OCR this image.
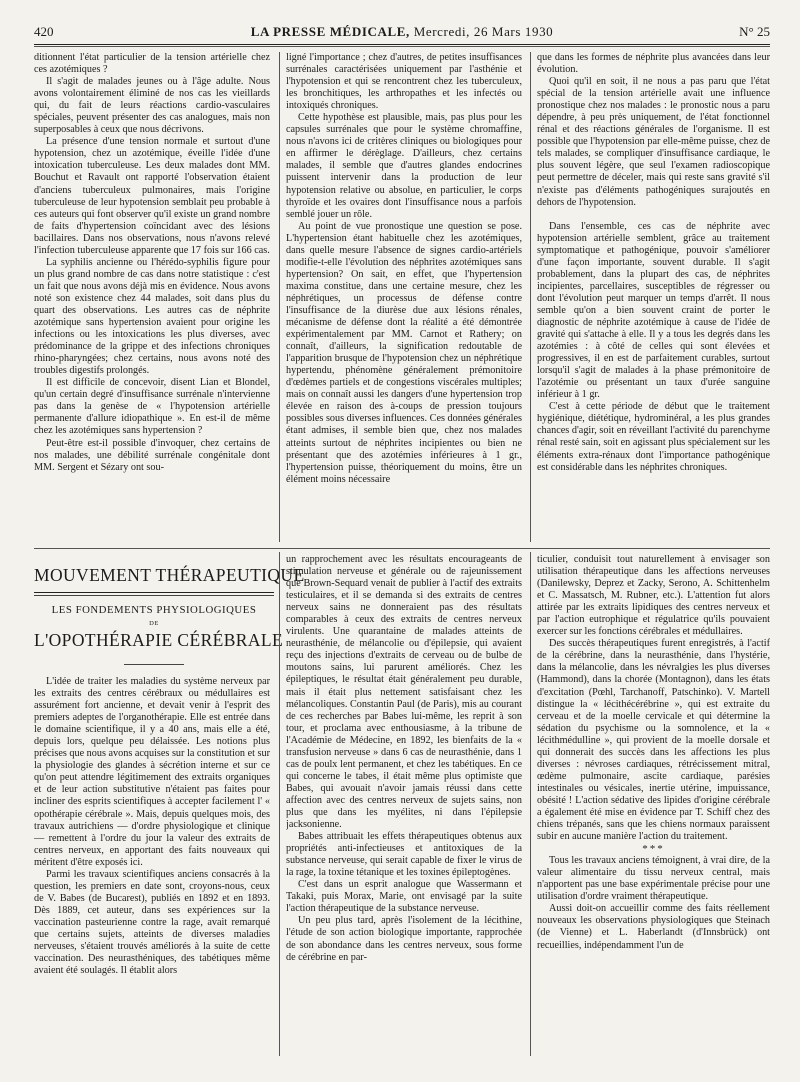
420	LA PRESSE MÉDICALE, Mercredi, 26 Mars 1930	N° 25

ditionnent l'état particulier de la tension artérielle chez ces azotémiques ?

Il s'agit de malades jeunes ou à l'âge adulte. Nous avons volontairement éliminé de nos cas les vieillards qui, du fait de leurs réactions cardio-vasculaires spéciales, peuvent présenter des cas analogues, mais non superposables à ceux que nous décrivons.

La présence d'une tension normale et surtout d'une hypotension, chez un azotémique, éveille l'idée d'une intoxication tuberculeuse. Les deux malades dont MM. Bouchut et Ravault ont rapporté l'observation étaient d'anciens tuberculeux pulmonaires, mais l'origine tuberculeuse de leur hypotension semblait peu probable à ces auteurs qui font observer qu'il existe un grand nombre de faits d'hypertension coïncidant avec des lésions bacillaires. Dans nos observations, nous n'avons relevé l'infection tuberculeuse apparente que 17 fois sur 166 cas.

La syphilis ancienne ou l'hérédo-syphilis figure pour un plus grand nombre de cas dans notre statistique : c'est un fait que nous avons déjà mis en évidence. Nous avons noté son existence chez 44 malades, soit dans plus du quart des observations. Les autres cas de néphrite azotémique sans hypertension avaient pour origine les infections ou les intoxications les plus diverses, avec prédominance de la grippe et des infections chroniques rhino-pharyngées; chez certains, nous avons noté des troubles digestifs prolongés.

Il est difficile de concevoir, disent Lian et Blondel, qu'un certain degré d'insuffisance surrénale n'intervienne pas dans la genèse de « l'hypotension artérielle permanente d'allure idiopathique ». En est-il de même chez les azotémiques sans hypertension ?

Peut-être est-il possible d'invoquer, chez certains de nos malades, une débilité surrénale congénitale dont MM. Sergent et Sézary ont sou-

ligné l'importance ; chez d'autres, de petites insuffisances surrénales caractérisées uniquement par l'asthénie et l'hypotension et qui se rencontrent chez les tuberculeux, les bronchitiques, les arthropathes et les infectés ou intoxiqués chroniques.

Cette hypothèse est plausible, mais, pas plus pour les capsules surrénales que pour le système chromaffine, nous n'avons ici de critères cliniques ou biologiques pour en affirmer le dérèglage. D'ailleurs, chez certains malades, il semble que d'autres glandes endocrines puissent intervenir dans la production de leur hypotension relative ou absolue, en particulier, le corps thyroïde et les ovaires dont l'insuffisance nous a parfois semblé jouer un rôle.

Au point de vue pronostique une question se pose. L'hypertension étant habituelle chez les azotémiques, dans quelle mesure l'absence de signes cardio-artériels modifie-t-elle l'évolution des néphrites azotémiques sans hypertension? On sait, en effet, que l'hypertension maxima constitue, dans une certaine mesure, chez les néphrétiques, un processus de défense contre l'insuffisance de la diurèse due aux lésions rénales, mécanisme de défense dont la réalité a été démontrée expérimentalement par MM. Carnot et Rathery; on connaît, d'ailleurs, la signification redoutable de l'apparition brusque de l'hypotension chez un néphrétique hypertendu, phénomène généralement prémonitoire d'œdèmes partiels et de congestions viscérales multiples; mais on connaît aussi les dangers d'une hypertension trop élevée en raison des à-coups de pression toujours possibles sous diverses influences. Ces données générales étant admises, il semble bien que, chez nos malades atteints surtout de néphrites incipientes ou bien ne présentant que des azotémies inférieures à 1 gr., l'hypertension puisse, théoriquement du moins, être un élément moins nécessaire

que dans les formes de néphrite plus avancées dans leur évolution.

Quoi qu'il en soit, il ne nous a pas paru que l'état spécial de la tension artérielle avait une influence pronostique chez nos malades : le pronostic nous a paru dépendre, à peu près uniquement, de l'état fonctionnel rénal et des réactions générales de l'organisme. Il est possible que l'hypotension par elle-même puisse, chez de tels malades, se compliquer d'insuffisance cardiaque, le plus souvent légère, que seul l'examen radioscopique peut permettre de déceler, mais qui reste sans gravité s'il n'existe pas d'éléments pathogéniques surajoutés en dehors de l'hypotension.

Dans l'ensemble, ces cas de néphrite avec hypotension artérielle semblent, grâce au traitement symptomatique et pathogénique, pouvoir s'améliorer d'une façon importante, souvent durable. Il s'agit probablement, dans la plupart des cas, de néphrites incipientes, parcellaires, susceptibles de régresser ou dont l'évolution peut marquer un temps d'arrêt. Il nous semble qu'on a bien souvent craint de porter le diagnostic de néphrite azotémique à cause de l'idée de gravité qui s'attache à elle. Il y a tous les degrés dans les azotémies : à côté de celles qui sont élevées et progressives, il en est de parfaitement curables, surtout lorsqu'il s'agit de malades à la phase prémonitoire de l'azotémie ou présentant un taux d'urée sanguine inférieur à 1 gr.

C'est à cette période de début que le traitement hygiénique, diététique, hydrominéral, a les plus grandes chances d'agir, soit en réveillant l'activité du parenchyme rénal resté sain, soit en agissant plus spécialement sur les éléments extra-rénaux dont l'importance pathogénique est considérable dans les néphrites chroniques.

MOUVEMENT THÉRAPEUTIQUE
LES FONDEMENTS PHYSIOLOGIQUES
DE
L'OPOTHÉRAPIE CÉRÉBRALE

L'idée de traiter les maladies du système nerveux par les extraits des centres cérébraux ou médullaires est assurément fort ancienne, et devait venir à l'esprit des premiers adeptes de l'organothérapie. Elle est entrée dans le domaine scientifique, il y a 40 ans, mais elle a été, depuis lors, quelque peu délaissée. Les notions plus précises que nous avons acquises sur la constitution et sur la physiologie des glandes à sécrétion interne et sur ce qu'on peut attendre légitimement des extraits organiques et de leur action substitutive n'étaient pas faites pour incliner des esprits scientifiques à accepter facilement l' « opothérapie cérébrale ». Mais, depuis quelques mois, des travaux autrichiens — d'ordre physiologique et clinique — remettent à l'ordre du jour la valeur des extraits de centres nerveux, en apportant des faits nouveaux qui méritent d'être exposés ici.

Parmi les travaux scientifiques anciens consacrés à la question, les premiers en date sont, croyons-nous, ceux de V. Babes (de Bucarest), publiés en 1892 et en 1893. Dès 1889, cet auteur, dans ses expériences sur la vaccination pasteurienne contre la rage, avait remarqué que certains sujets, atteints de diverses maladies nerveuses, s'étaient trouvés améliorés à la suite de cette vaccination. Des neurasthéniques, des tabétiques même avaient été soulagés. Il établit alors

un rapprochement avec les résultats encourageants de stimulation nerveuse et générale ou de rajeunissement que Brown-Sequard venait de publier à l'actif des extraits testiculaires, et il se demanda si des extraits de centres nerveux sains ne donneraient pas des résultats comparables à ceux des extraits de centres nerveux virulents. Une quarantaine de malades atteints de neurasthénie, de mélancolie ou d'épilepsie, qui avaient reçu des injections d'extraits de cerveau ou de bulbe de moutons sains, lui parurent améliorés. Chez les épileptiques, le résultat était généralement peu durable, mais il était plus nettement satisfaisant chez les mélancoliques. Constantin Paul (de Paris), mis au courant de ces recherches par Babes lui-même, les reprit à son tour, et proclama avec enthousiasme, à la tribune de l'Académie de Médecine, en 1892, les bienfaits de la « transfusion nerveuse » dans 6 cas de neurasthénie, dans 1 cas de poulx lent permanent, et chez les tabétiques. En ce qui concerne le tabes, il était même plus optimiste que Babes, qui avouait n'avoir jamais réussi dans cette affection avec des centres nerveux de sujets sains, non plus que dans les myélites, ni dans l'épilepsie jacksonienne.

Babes attribuait les effets thérapeutiques obtenus aux propriétés anti-infectieuses et antitoxiques de la substance nerveuse, qui serait capable de fixer le virus de la rage, la toxine tétanique et les toxines épileptogènes.

C'est dans un esprit analogue que Wassermann et Takaki, puis Morax, Marie, ont envisagé par la suite l'action thérapeutique de la substance nerveuse.

Un peu plus tard, après l'isolement de la lécithine, l'étude de son action biologique importante, rapprochée de son abondance dans les centres nerveux, sous forme de cérébrine en par-

ticulier, conduisit tout naturellement à envisager son utilisation thérapeutique dans les affections nerveuses (Danilewsky, Deprez et Zacky, Serono, A. Schittenhelm et C. Massatsch, M. Rubner, etc.). L'attention fut alors attirée par les extraits lipidiques des centres nerveux et par l'action eutrophique et régulatrice qu'ils pouvaient exercer sur les fonctions cérébrales et médullaires.

Des succès thérapeutiques furent enregistrés, à l'actif de la cérébrine, dans la neurasthénie, dans l'hystérie, dans la mélancolie, dans les névralgies les plus diverses (Hammond), dans la chorée (Montagnon), dans les états d'excitation (Pœhl, Tarchanoff, Patschinko). V. Martell distingue la « lécithécérébrine », qui est extraite du cerveau et de la moelle cervicale et qui détermine la sédation du psychisme ou la somnolence, et la « lécithmédulline », qui provient de la moelle dorsale et qui donnerait des succès dans les affections les plus diverses : névroses cardiaques, rétrécissement mitral, œdème pulmonaire, ascite cardiaque, parésies intestinales ou vésicales, inertie utérine, impuissance, obésité ! L'action sédative des lipides d'origine cérébrale a également été mise en évidence par T. Schiff chez des chiens trépanés, sans que les chiens normaux paraissent subir en aucune manière l'action du traitement.

***

Tous les travaux anciens témoignent, à vrai dire, de la valeur alimentaire du tissu nerveux central, mais n'apportent pas une base expérimentale précise pour une utilisation d'ordre vraiment thérapeutique.

Aussi doit-on accueillir comme des faits réellement nouveaux les observations physiologiques que Steinach (de Vienne) et L. Haberlandt (d'Innsbrück) ont recueillies, indépendamment l'un de
